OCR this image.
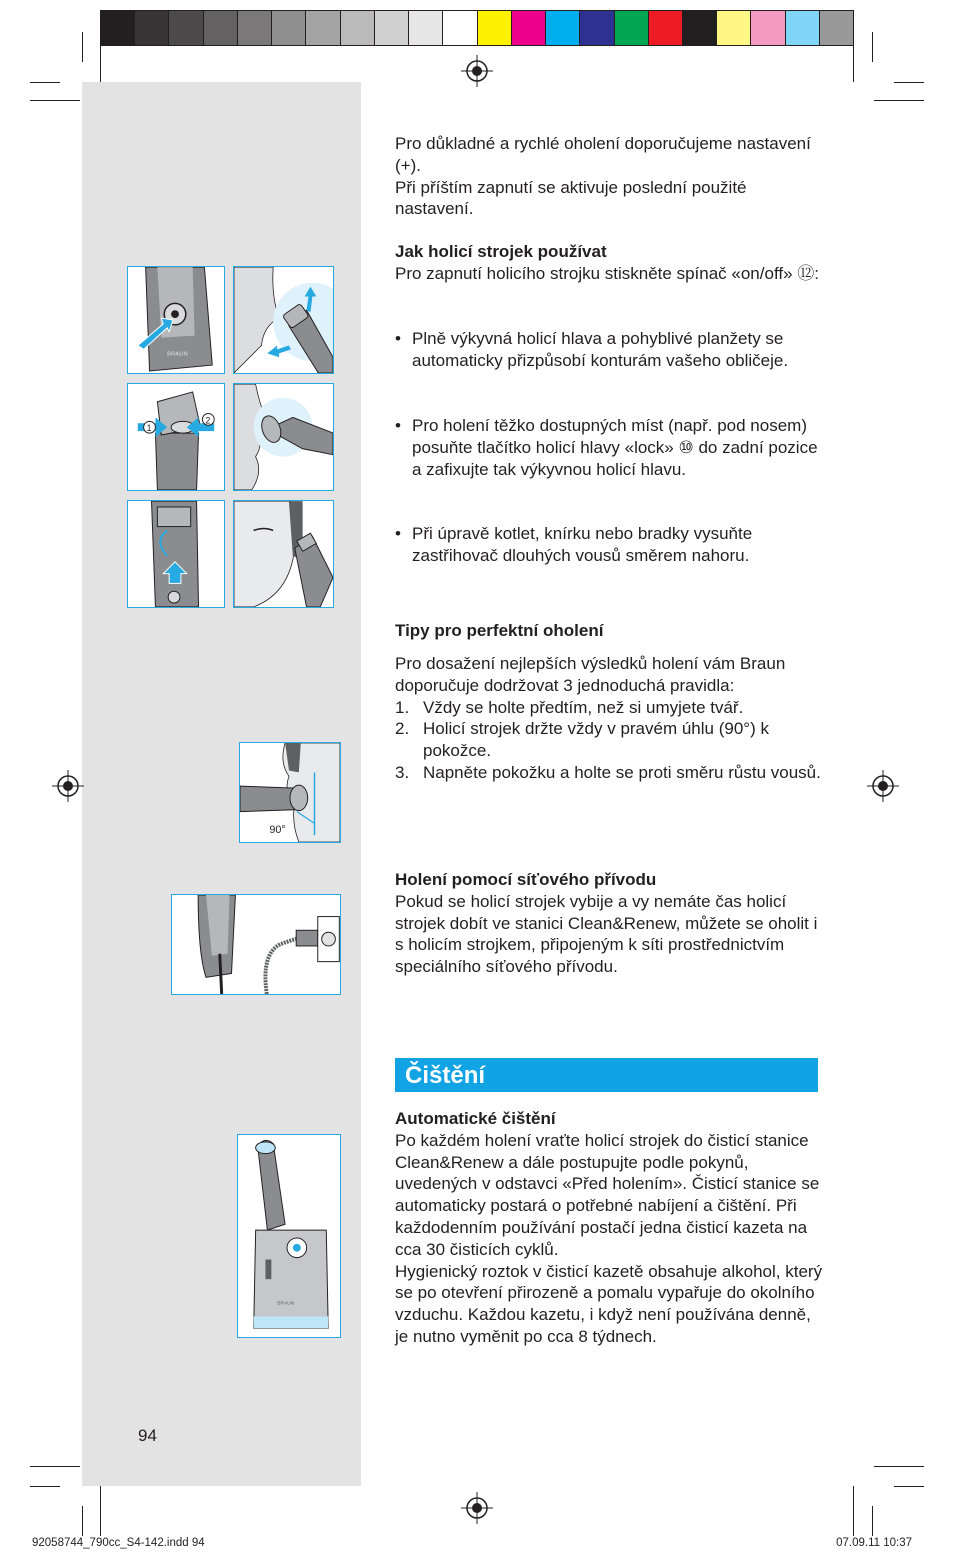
BRAUN
1
2
90°
BRAUN

Pro důkladné a rychlé oholení doporučujeme nastavení (+).

Při příštím zapnutí se aktivuje poslední použité nastavení.

Jak holicí strojek používat

Pro zapnutí holicího strojku stiskněte spínač «on/off» ⑫:

• Plně výkyvná holicí hlava a pohyblivé planžety se automaticky přizpůsobí konturám vašeho obličeje.
• Pro holení těžko dostupných míst (např. pod nosem) posuňte tlačítko holicí hlavy «lock» ⑩ do zadní pozice a zafixujte tak výkyvnou holicí hlavu.
• Při úpravě kotlet, knírku nebo bradky vysuňte zastřihovač dlouhých vousů směrem nahoru.

Tipy pro perfektní oholení

Pro dosažení nejlepších výsledků holení vám Braun doporučuje dodržovat 3 jednoduchá pravidla:

1. Vždy se holte předtím, než si umyjete tvář.
2. Holicí strojek držte vždy v pravém úhlu (90°) k pokožce.
3. Napněte pokožku a holte se proti směru růstu vousů.

Holení pomocí síťového přívodu

Pokud se holicí strojek vybije a vy nemáte čas holicí strojek dobít ve stanici Clean&Renew, můžete se oholit i s holicím strojkem, připojeným k síti prostřednictvím speciálního síťového přívodu.

Čištění

Automatické čištění

Po každém holení vraťte holicí strojek do čisticí stanice Clean&Renew a dále postupujte podle pokynů, uvedených v odstavci «Před holením». Čisticí stanice se automaticky postará o potřebné nabíjení a čištění. Při každodenním používání postačí jedna čisticí kazeta na cca 30 čisticích cyklů.

Hygienický roztok v čisticí kazetě obsahuje alkohol, který se po otevření přirozeně a pomalu vypařuje do okolního vzduchu. Každou kazetu, i když není používána denně, je nutno vyměnit po cca 8 týdnech.

94
92058744_790cc_S4-142.indd 94	07.09.11 10:37
